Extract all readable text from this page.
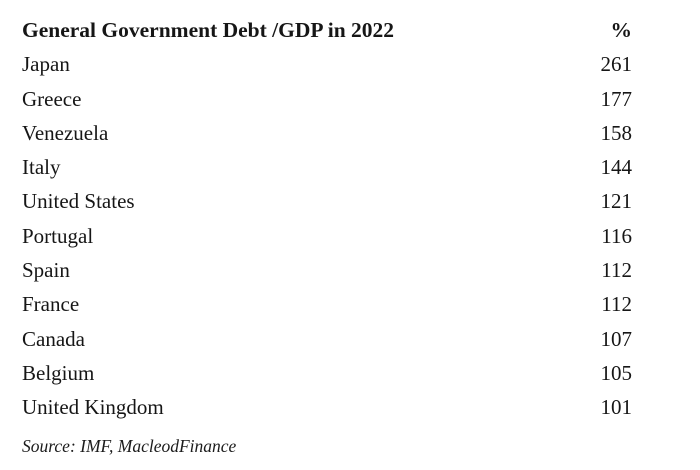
General Government Debt /GDP in 2022	%
Japan	261
Greece	177
Venezuela	158
Italy	144
United States	121
Portugal	116
Spain	112
France	112
Canada	107
Belgium	105
United Kingdom	101
Source: IMF, MacleodFinance
